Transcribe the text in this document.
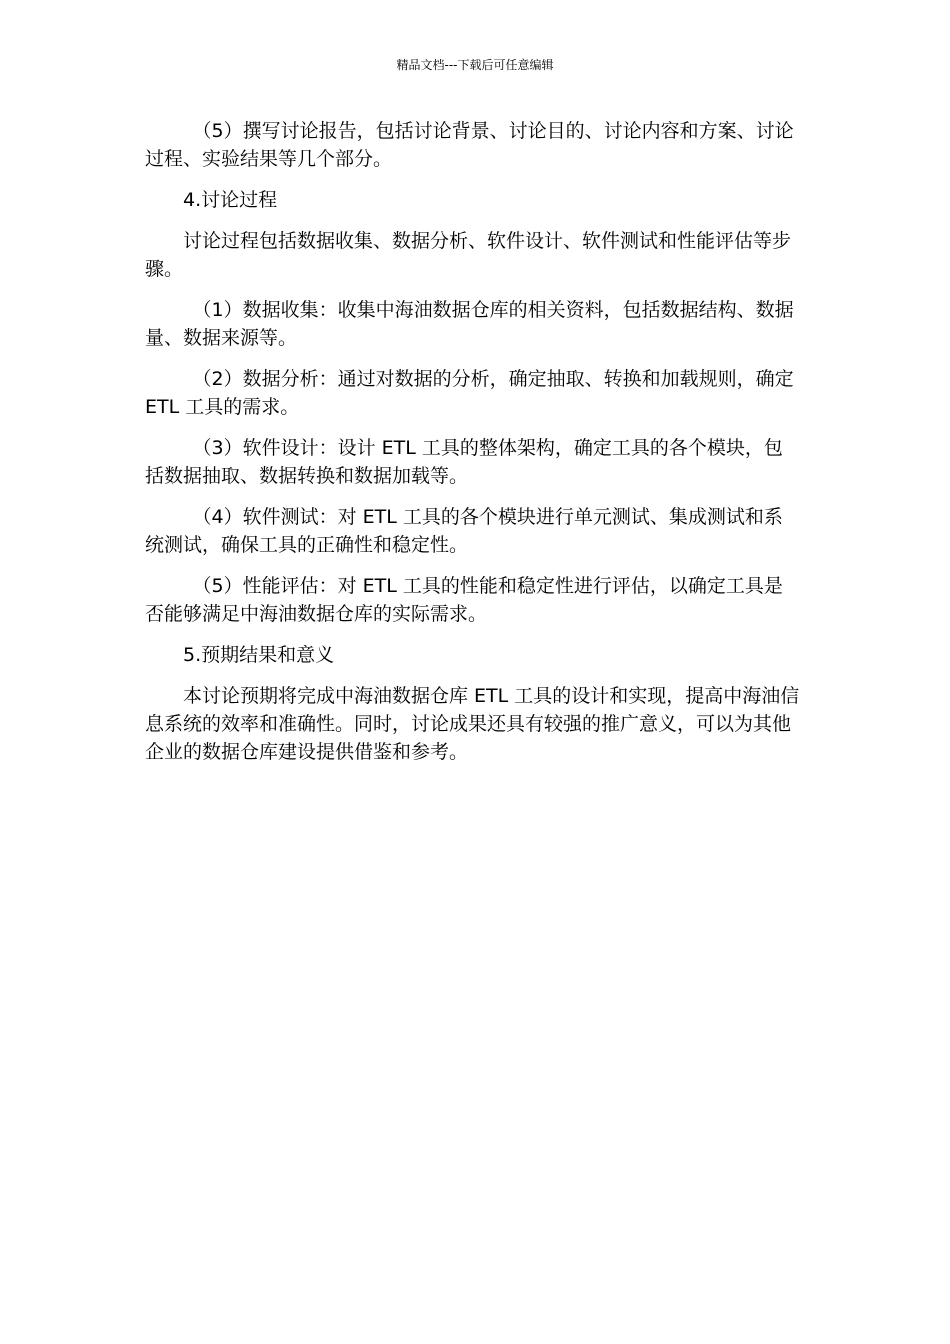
精品文档---下载后可任意编辑

（5）撰写讨论报告，包括讨论背景、讨论目的、讨论内容和方案、讨论过程、实验结果等几个部分。

4.讨论过程

讨论过程包括数据收集、数据分析、软件设计、软件测试和性能评估等步骤。

（1）数据收集：收集中海油数据仓库的相关资料，包括数据结构、数据量、数据来源等。

（2）数据分析：通过对数据的分析，确定抽取、转换和加载规则，确定 ETL 工具的需求。

（3）软件设计：设计 ETL 工具的整体架构，确定工具的各个模块，包括数据抽取、数据转换和数据加载等。

（4）软件测试：对 ETL 工具的各个模块进行单元测试、集成测试和系统测试，确保工具的正确性和稳定性。

（5）性能评估：对 ETL 工具的性能和稳定性进行评估，以确定工具是否能够满足中海油数据仓库的实际需求。

5.预期结果和意义

本讨论预期将完成中海油数据仓库 ETL 工具的设计和实现，提高中海油信息系统的效率和准确性。同时，讨论成果还具有较强的推广意义，可以为其他企业的数据仓库建设提供借鉴和参考。
